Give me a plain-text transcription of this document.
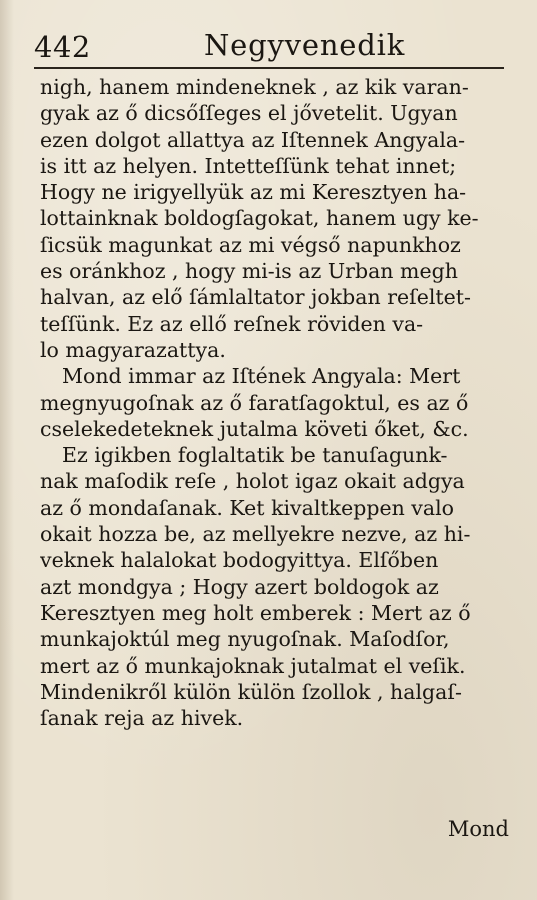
442	Negyvenedik
nigh, hanem mindeneknek , az kik varan-
gyak az ő dicsőſſeges el jővetelit. Ugyan
ezen dolgot allattya az Iſtennek Angyala-
is itt az helyen. Intetteſſünk tehat innet;
Hogy ne irigyellyük az mi Keresztyen ha-
lottainknak boldogſagokat, hanem ugy ke-
ſicsük magunkat az mi végső napunkhoz
es oránkhoz , hogy mi-is az Urban megh
halvan, az elő ſámlaltator jokban reſeltet-
teſſünk. Ez az ellő reſnek röviden va-
lo magyarazattya.
Mond immar az Iſtének Angyala: Mert
megnyugoſnak az ő faratſagoktul, es az ő
cselekedeteknek jutalma követi őket, &c.
Ez igikben foglaltatik be tanuſagunk-
nak maſodik reſe , holot igaz okait adgya
az ő mondaſanak. Ket kivaltkeppen valo
okait hozza be, az mellyekre nezve, az hi-
veknek halalokat bodogyittya. Elſőben
azt mondgya ; Hogy azert boldogok az
Keresztyen meg holt emberek : Mert az ő
munkajoktúl meg nyugoſnak. Maſodſor,
mert az ő munkajoknak jutalmat el veſik.
Mindenikről külön külön ſzollok , halgaſ-
ſanak reja az hivek.
Mond
